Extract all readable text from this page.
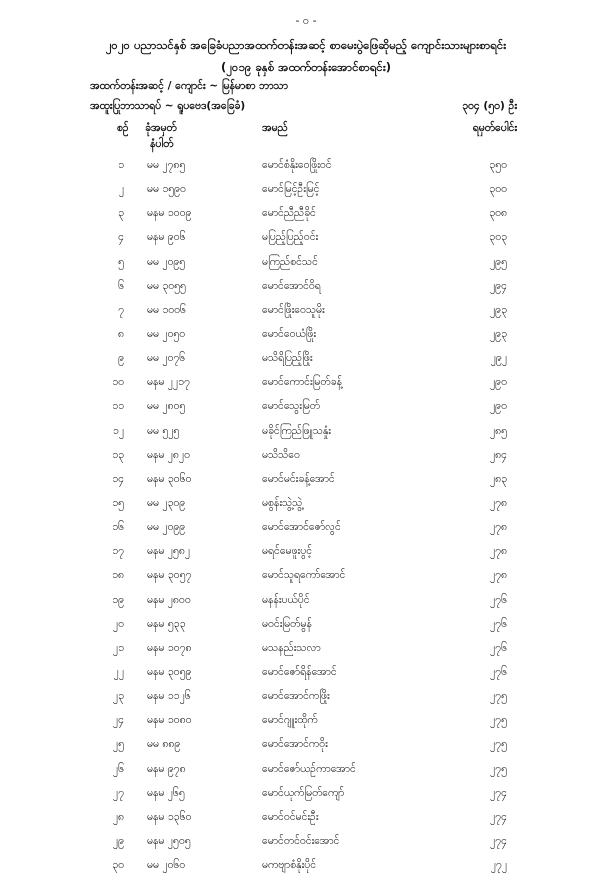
- ၀ -
၂၀၂၀ ပညာသင်နှစ် အခြေခံပညာအထက်တန်းအဆင့် စာမေးပွဲဖြေဆိုမည့် ကျောင်းသားများစာရင်း
(၂၀၁၉ ခုနှစ် အထက်တန်းအောင်စာရင်း)
အထက်တန်းအဆင့် / ကျောင်း ~ မြန်မာစာ ဘာသာ
အထူးပြုဘာသာရပ် ~ ရူပဗေဒ(အခြေခံ)	၃၀၄ (၅၀) ဦး
စဉ် ခုံအမှတ်	အမည်	ရမှတ်ပေါင်း
နံပါတ်
၁ မမ ၂၇၈၅	မောင်စံနိုးဝေဖြိုးဝင်	၃၅၀
၂ မမ ၁၅၉၀	မောင်မြင့်ဦးမြင့်	၃၀၀
၃ မနမ ၁၀၀၉	မောင်ညီညီခိုင်	၃၀၈
၄ မနမ ၉၀၆	မပြည့်ပြည့်ဝင်း	၃၀၃
၅ မမ ၂၀၉၅	မကြည်စင်သင်	၂၉၅
၆ မမ ၃၀၅၅	မောင်အောင်ဝိရ	၂၉၄
၇ မမ ၁၀၀၆	မောင်ဖြိုးဝေသူမိုး	၂၉၃
၈ မမ ၂၀၅၀	မောင်ဝေယံဖြိုး	၂၉၃
၉ မမ ၂၀၇၆	မသိရိပြည့်ဖြိုး	၂၉၂
၁၀ မနမ ၂၂၁၇	မောင်ကောင်းမြတ်ခန့်	၂၉၀
၁၁ မမ ၂၈၀၅	မောင်သွေးမြတ်	၂၉၀
၁၂ မမ ၅၂၅	မခိုင်ကြည်ဖြူသနှုံး	၂၈၅
၁၃ မနမ ၂၈၂၀	မသိသိဝေ	၂၈၄
၁၄ မနမ ၃၀၆၀	မောင်မင်းခန့်အောင်	၂၈၃
၁၅ မမ ၂၃၀၉	မစွန်းသွဲ့သွဲ့	၂၇၈
၁၆ မမ ၂၀၉၉	မောင်အောင်ဇော်လွင်	၂၇၈
၁၇ မနမ ၂၅၈၂	မရင်မေဖူးပွင့်	၂၇၈
၁၈ မနမ ၃၀၅၇	မောင်သူရကော်အောင်	၂၇၈
၁၉ မနမ ၂၈၀၀	မနန်းပယ်ပိုင်	၂၇၆
၂၀ မနမ ၅၃၃	မဝင်းမြတ်မွန်	၂၇၆
၂၁ မနမ ၁၀၇၈	မသနည်းသလာ	၂၇၆
၂၂ မနမ ၃၀၅၉	မောင်ဇော်ရိန်အောင်	၂၇၆
၂၃ မနမ ၁၁၂၆	မောင်အောင်ကဖြိုး	၂၇၅
၂၄ မနမ ၁၀၈၀	မောင်ဂျူးထိုက်	၂၇၅
၂၅ မမ ၈၈၉	မောင်အောင်ကဝိုး	၂၇၅
၂၆ မနမ ၉၇၈	မောင်ဇော်ယဉ်ကာအောင်	၂၇၅
၂၇ မနမ ၂၆၅	မောင်ယုက်မြတ်ကျော်	၂၇၄
၂၈ မနမ ၁၃၆၀	မောင်ဝင်မင်းဦး	၂၇၄
၂၉ မနမ ၂၅၀၅	မောင်တင်ဝင်းအောင်	၂၇၄
၃၀ မမ ၂၀၆၀	မကဗျာစံနိုးပိုင်	၂၇၂
